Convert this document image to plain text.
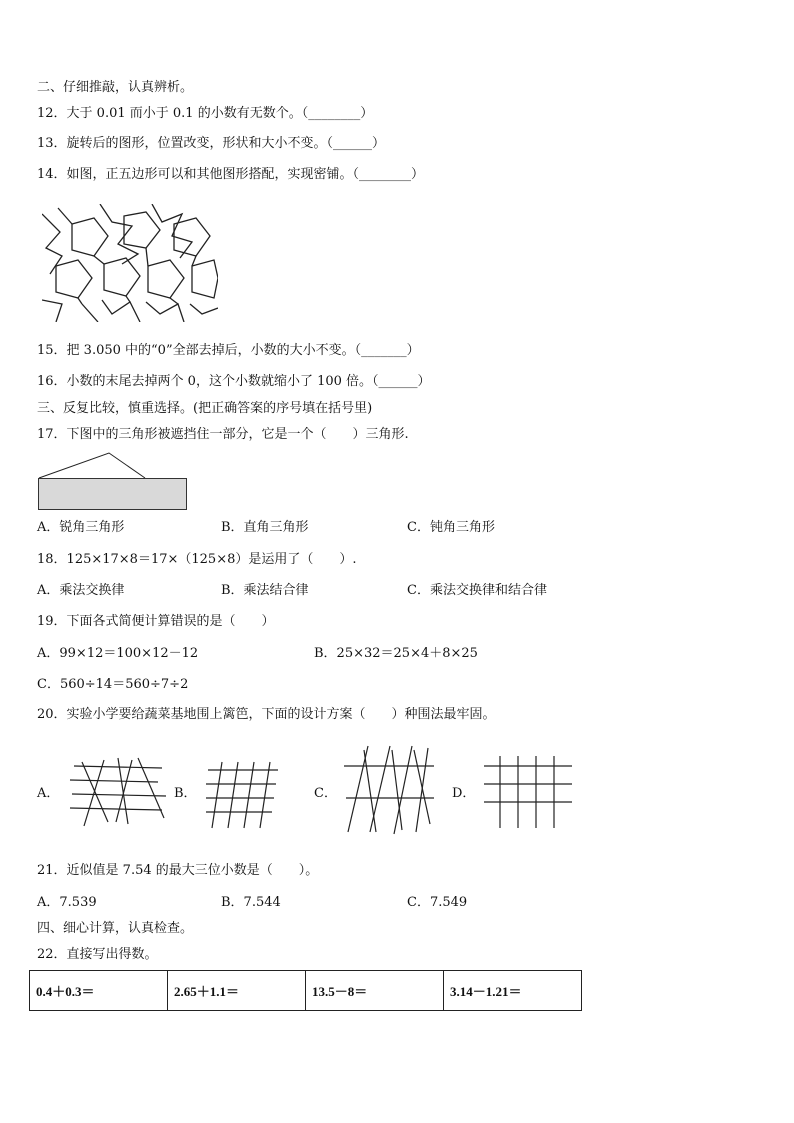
二、仔细推敲，认真辨析。
12．大于 0.01 而小于 0.1 的小数有无数个。（________）
13．旋转后的图形，位置改变，形状和大小不变。（______）
14．如图，正五边形可以和其他图形搭配，实现密铺。（________）
15．把 3.050 中的“0”全部去掉后，小数的大小不变。（_______）
16．小数的末尾去掉两个 0，这个小数就缩小了 100 倍。（______）
三、反复比较，慎重选择。(把正确答案的序号填在括号里)
17．下图中的三角形被遮挡住一部分，它是一个（　　）三角形.
A．锐角三角形	B．直角三角形	C．钝角三角形
18．125×17×8＝17×（125×8）是运用了（　　）.
A．乘法交换律	B．乘法结合律	C．乘法交换律和结合律
19．下面各式简便计算错误的是（　　）
A．99×12＝100×12－12	B．25×32＝25×4＋8×25
C．560÷14＝560÷7÷2
20．实验小学要给蔬菜基地围上篱笆，下面的设计方案（　　）种围法最牢固。
A．	B．	C．	D．
21．近似值是 7.54 的最大三位小数是（　　）。
A．7.539	B．7.544	C．7.549
四、细心计算，认真检查。
22．直接写出得数。
0.4＋0.3＝	2.65＋1.1＝	13.5－8＝	3.14－1.21＝
